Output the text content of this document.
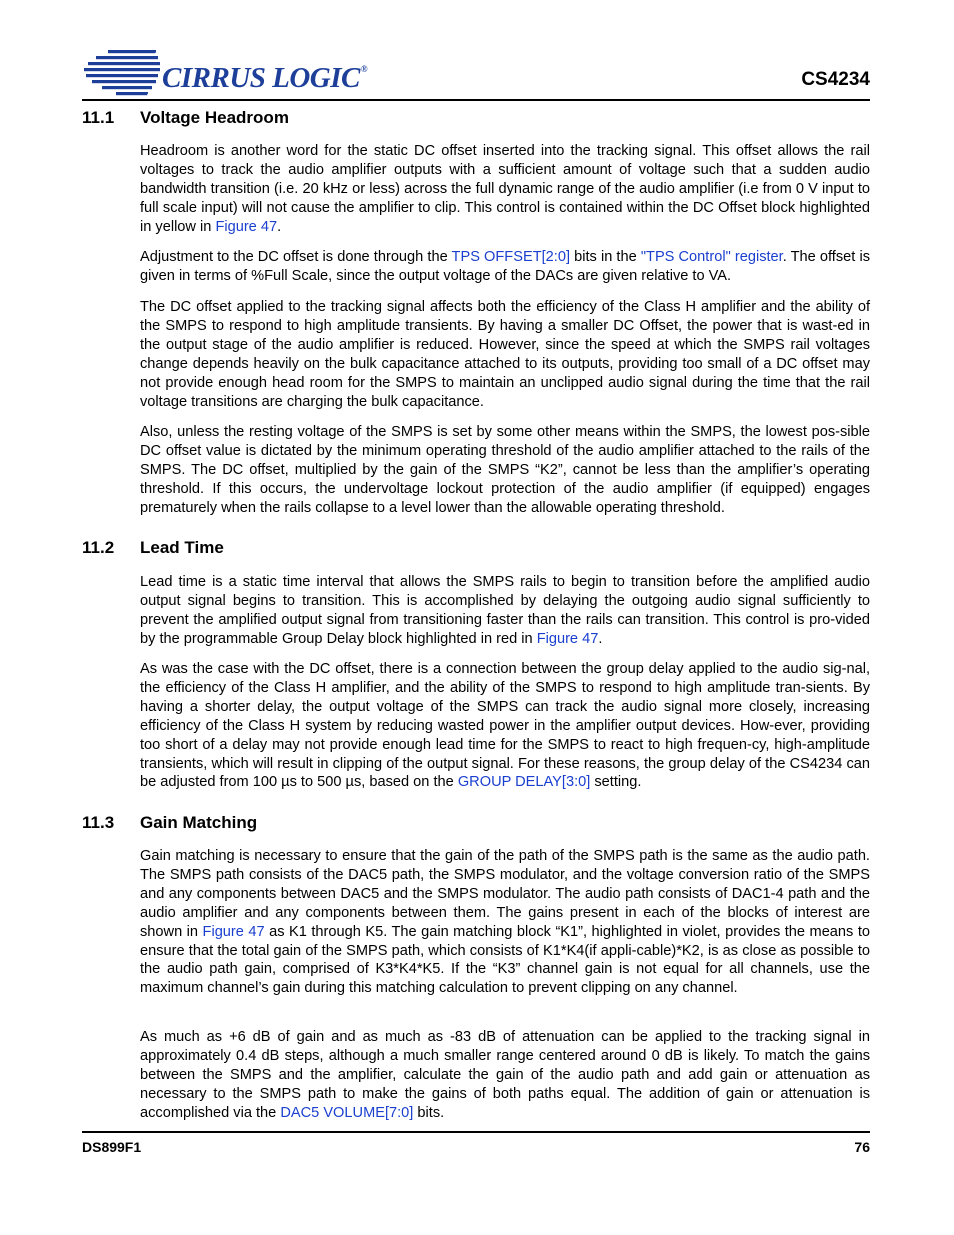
CIRRUS LOGIC®	CS4234
11.1 Voltage Headroom

Headroom is another word for the static DC offset inserted into the tracking signal. This offset allows the rail voltages to track the audio amplifier outputs with a sufficient amount of voltage such that a sudden audio bandwidth transition (i.e. 20 kHz or less) across the full dynamic range of the audio amplifier (i.e from 0 V input to full scale input) will not cause the amplifier to clip. This control is contained within the DC Offset block highlighted in yellow in Figure 47.

Adjustment to the DC offset is done through the TPS OFFSET[2:0] bits in the "TPS Control" register. The offset is given in terms of %Full Scale, since the output voltage of the DACs are given relative to VA.

The DC offset applied to the tracking signal affects both the efficiency of the Class H amplifier and the ability of the SMPS to respond to high amplitude transients. By having a smaller DC Offset, the power that is wast-ed in the output stage of the audio amplifier is reduced. However, since the speed at which the SMPS rail voltages change depends heavily on the bulk capacitance attached to its outputs, providing too small of a DC offset may not provide enough head room for the SMPS to maintain an unclipped audio signal during the time that the rail voltage transitions are charging the bulk capacitance.

Also, unless the resting voltage of the SMPS is set by some other means within the SMPS, the lowest pos-sible DC offset value is dictated by the minimum operating threshold of the audio amplifier attached to the rails of the SMPS. The DC offset, multiplied by the gain of the SMPS “K2”, cannot be less than the amplifier’s operating threshold. If this occurs, the undervoltage lockout protection of the audio amplifier (if equipped) engages prematurely when the rails collapse to a level lower than the allowable operating threshold.

11.2 Lead Time

Lead time is a static time interval that allows the SMPS rails to begin to transition before the amplified audio output signal begins to transition. This is accomplished by delaying the outgoing audio signal sufficiently to prevent the amplified output signal from transitioning faster than the rails can transition. This control is pro-vided by the programmable Group Delay block highlighted in red in Figure 47.

As was the case with the DC offset, there is a connection between the group delay applied to the audio sig-nal, the efficiency of the Class H amplifier, and the ability of the SMPS to respond to high amplitude tran-sients. By having a shorter delay, the output voltage of the SMPS can track the audio signal more closely, increasing efficiency of the Class H system by reducing wasted power in the amplifier output devices. How-ever, providing too short of a delay may not provide enough lead time for the SMPS to react to high frequen-cy, high-amplitude transients, which will result in clipping of the output signal. For these reasons, the group delay of the CS4234 can be adjusted from 100 µs to 500 µs, based on the GROUP DELAY[3:0] setting.

11.3 Gain Matching

Gain matching is necessary to ensure that the gain of the path of the SMPS path is the same as the audio path. The SMPS path consists of the DAC5 path, the SMPS modulator, and the voltage conversion ratio of the SMPS and any components between DAC5 and the SMPS modulator. The audio path consists of DAC1-4 path and the audio amplifier and any components between them. The gains present in each of the blocks of interest are shown in Figure 47 as K1 through K5. The gain matching block “K1”, highlighted in violet, provides the means to ensure that the total gain of the SMPS path, which consists of K1*K4(if appli-cable)*K2, is as close as possible to the audio path gain, comprised of K3*K4*K5. If the “K3” channel gain is not equal for all channels, use the maximum channel’s gain during this matching calculation to prevent clipping on any channel.

As much as +6 dB of gain and as much as -83 dB of attenuation can be applied to the tracking signal in approximately 0.4 dB steps, although a much smaller range centered around 0 dB is likely. To match the gains between the SMPS and the amplifier, calculate the gain of the audio path and add gain or attenuation as necessary to the SMPS path to make the gains of both paths equal. The addition of gain or attenuation is accomplished via the DAC5 VOLUME[7:0] bits.

DS899F1	76
